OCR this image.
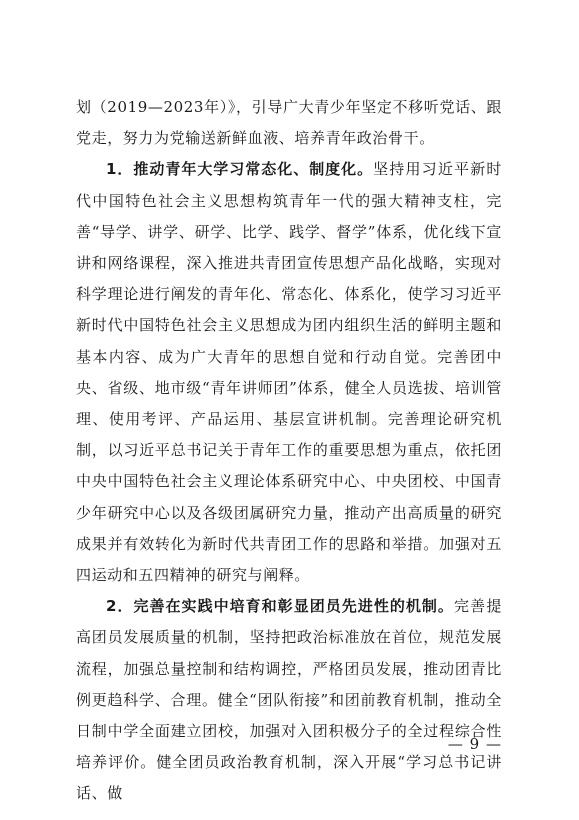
划（2019—2023年）》，引导广大青少年坚定不移听党话、跟党走，努力为党输送新鲜血液、培养青年政治骨干。

1．推动青年大学习常态化、制度化。坚持用习近平新时代中国特色社会主义思想构筑青年一代的强大精神支柱，完善“导学、讲学、研学、比学、践学、督学”体系，优化线下宣讲和网络课程，深入推进共青团宣传思想产品化战略，实现对科学理论进行阐发的青年化、常态化、体系化，使学习习近平新时代中国特色社会主义思想成为团内组织生活的鲜明主题和基本内容、成为广大青年的思想自觉和行动自觉。完善团中央、省级、地市级“青年讲师团”体系，健全人员选拔、培训管理、使用考评、产品运用、基层宣讲机制。完善理论研究机制，以习近平总书记关于青年工作的重要思想为重点，依托团中央中国特色社会主义理论体系研究中心、中央团校、中国青少年研究中心以及各级团属研究力量，推动产出高质量的研究成果并有效转化为新时代共青团工作的思路和举措。加强对五四运动和五四精神的研究与阐释。

2．完善在实践中培育和彰显团员先进性的机制。完善提高团员发展质量的机制，坚持把政治标准放在首位，规范发展流程，加强总量控制和结构调控，严格团员发展，推动团青比例更趋科学、合理。健全“团队衔接”和团前教育机制，推动全日制中学全面建立团校，加强对入团积极分子的全过程综合性培养评价。健全团员政治教育机制，深入开展“学习总书记讲话、做

— 9 —
